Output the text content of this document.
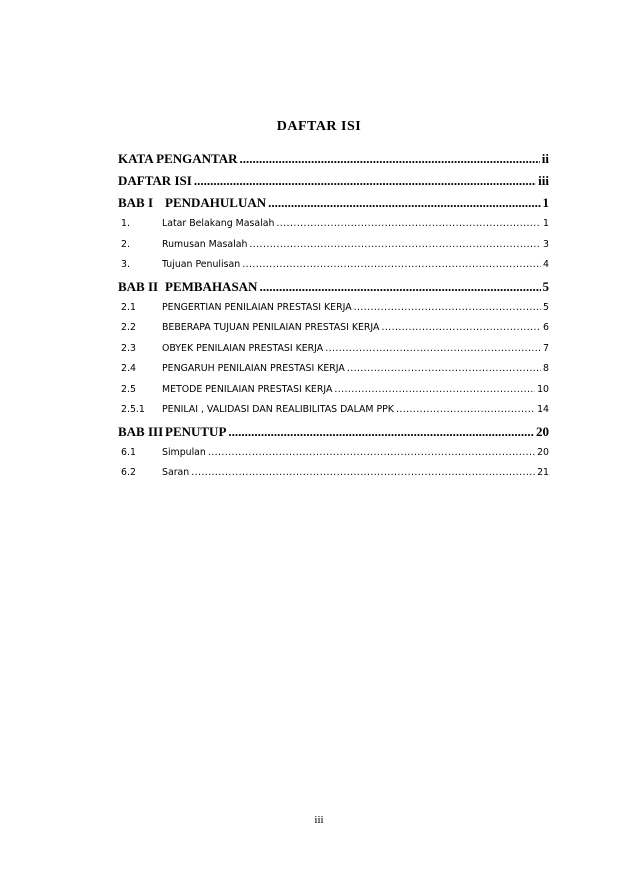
DAFTAR ISI
KATA PENGANTAR .....	ii
DAFTAR ISI .....	iii
BAB I PENDAHULUAN .....	1
1.	Latar Belakang Masalah .....	1
2.	Rumusan Masalah .....	3
3.	Tujuan Penulisan .....	4
BAB II PEMBAHASAN .....	5
2.1	PENGERTIAN PENILAIAN PRESTASI KERJA .....	5
2.2	BEBERAPA TUJUAN PENILAIAN PRESTASI KERJA .....	6
2.3	OBYEK PENILAIAN PRESTASI KERJA .....	7
2.4	PENGARUH PENILAIAN PRESTASI KERJA .....	8
2.5	METODE PENILAIAN PRESTASI KERJA .....	10
2.5.1	PENILAI , VALIDASI DAN REALIBILITAS DALAM PPK .....	14
BAB III PENUTUP .....	20
6.1	Simpulan .....	20
6.2	Saran .....	21
iii
